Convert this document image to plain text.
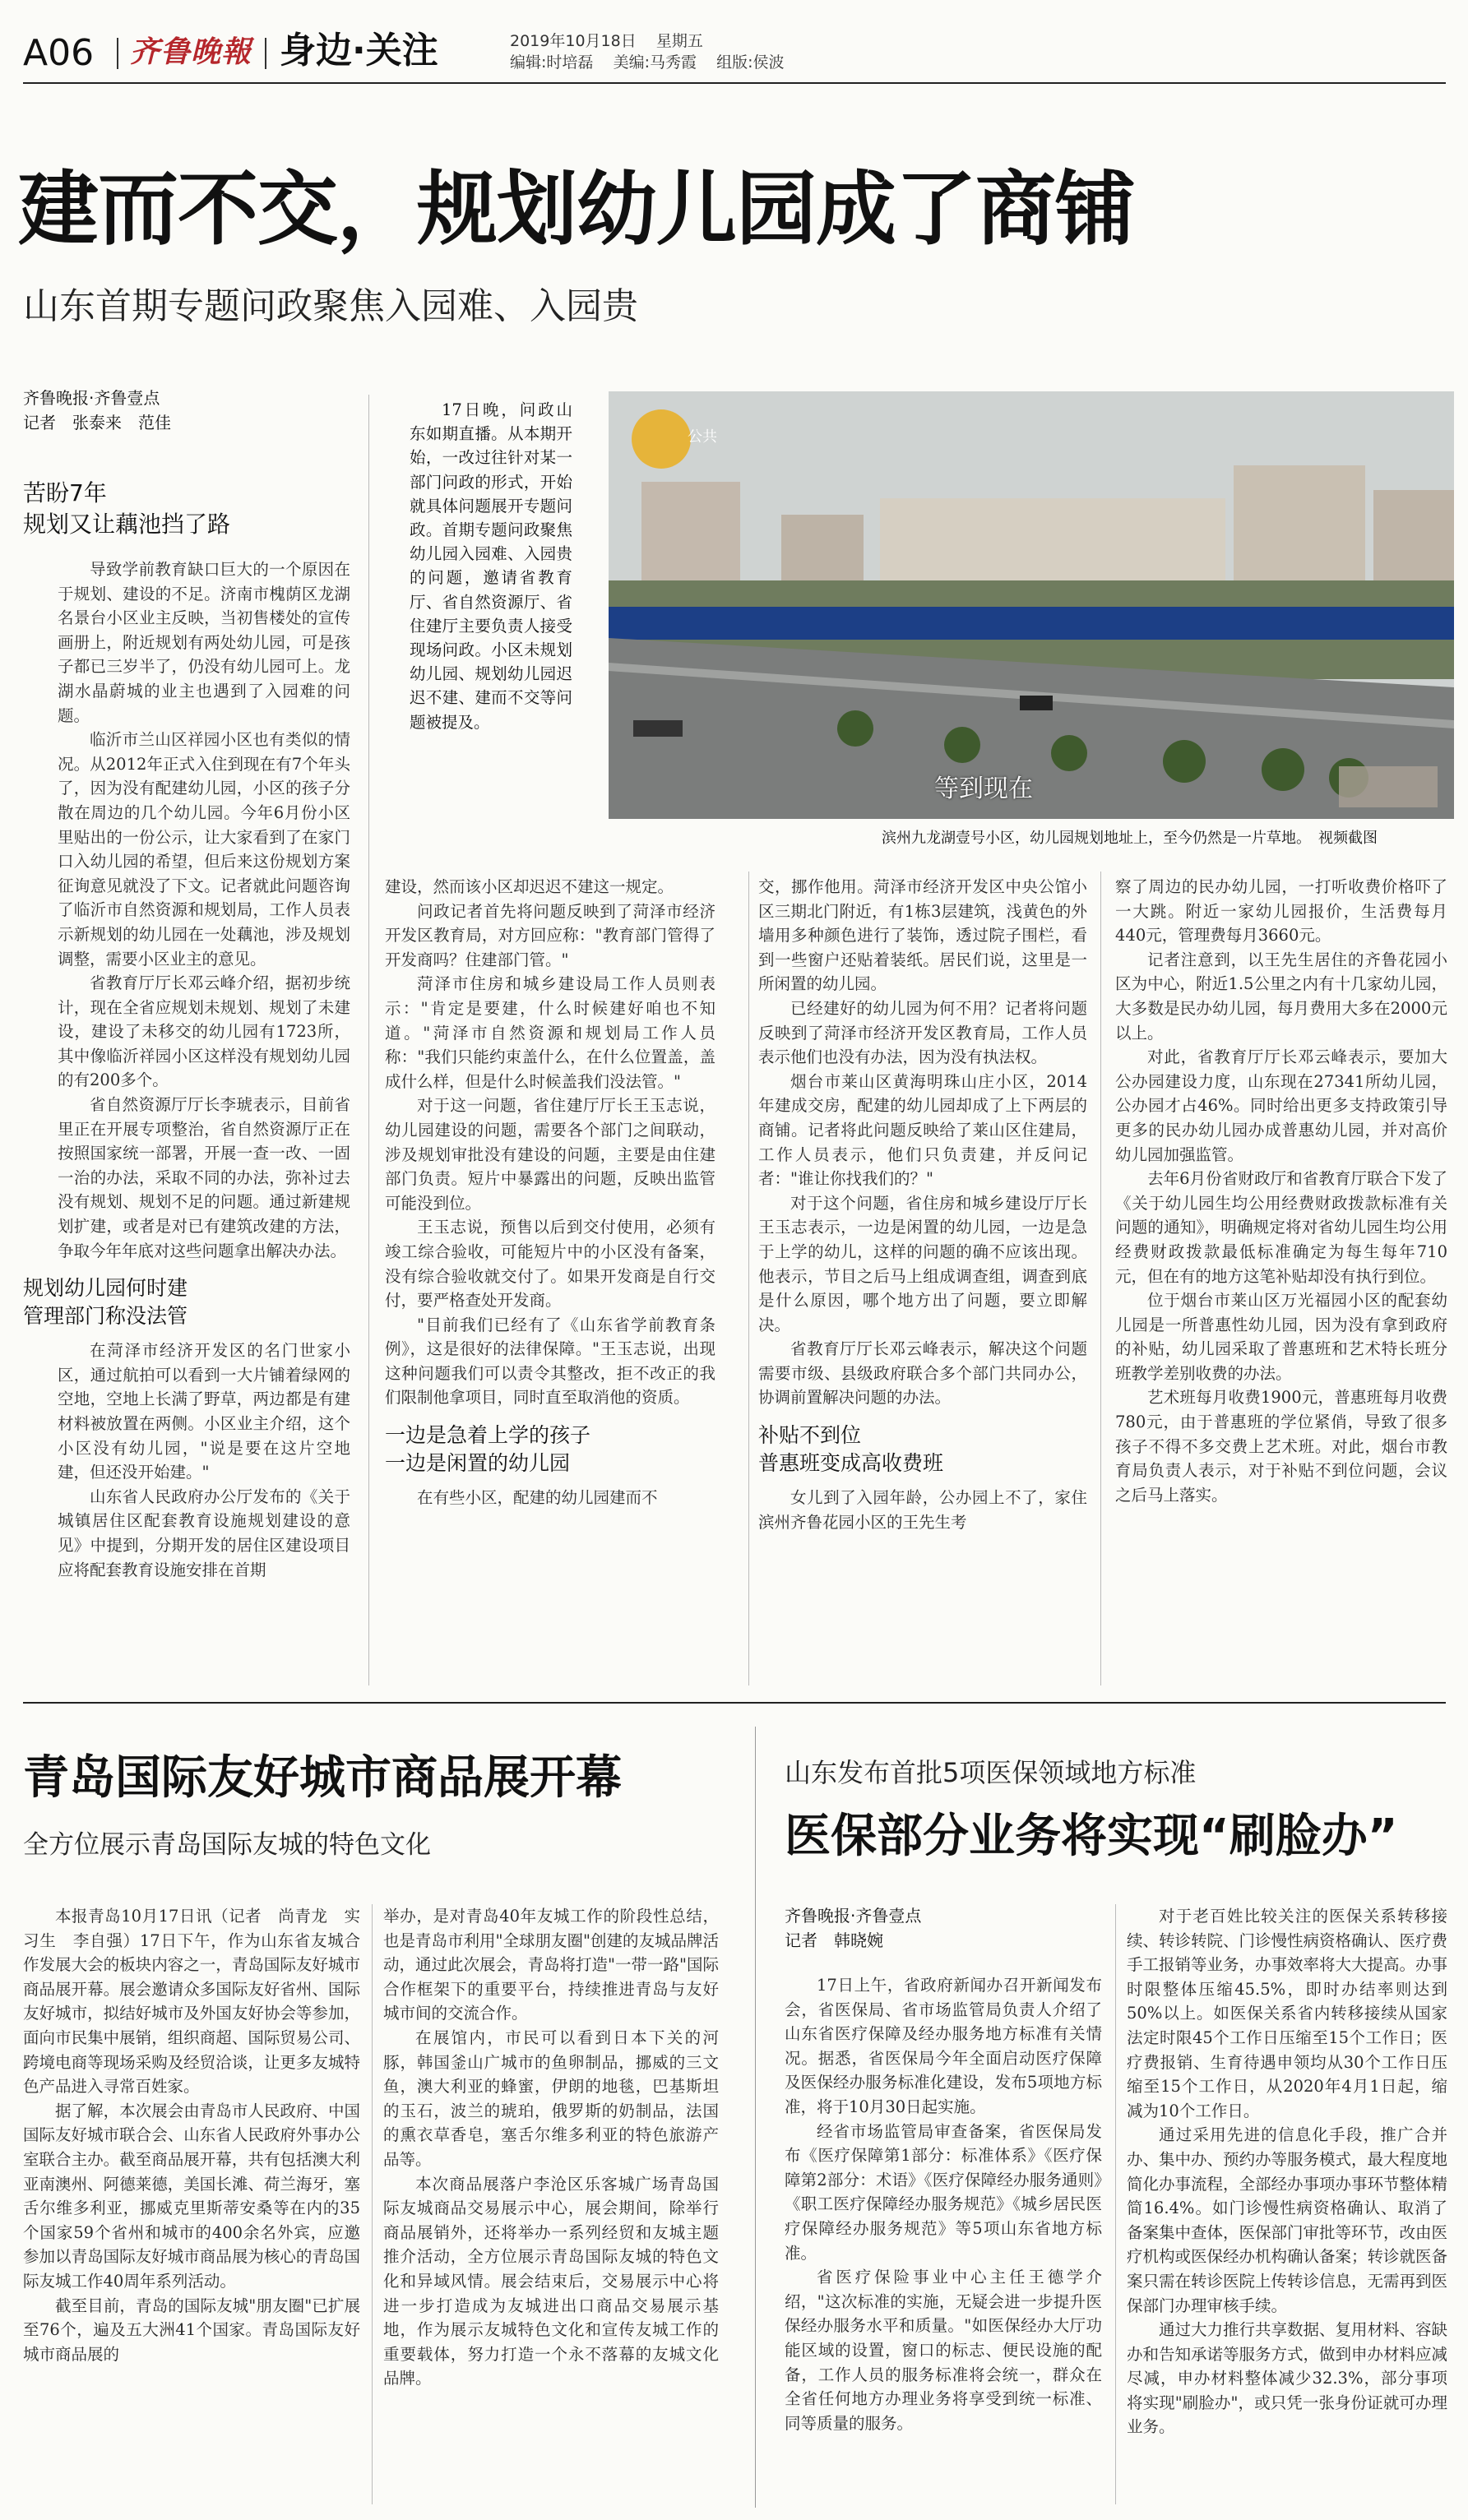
A06 齐鲁晚報 身边·关注	2019年10月18日 星期五
编辑:时培磊 美编:马秀霞 组版:侯波
建而不交，规划幼儿园成了商铺
山东首期专题问政聚焦入园难、入园贵
齐鲁晚报·齐鲁壹点
记者　张泰来　范佳
苦盼7年
规划又让藕池挡了路

导致学前教育缺口巨大的一个原因在于规划、建设的不足。济南市槐荫区龙湖名景台小区业主反映，当初售楼处的宣传画册上，附近规划有两处幼儿园，可是孩子都已三岁半了，仍没有幼儿园可上。龙湖水晶蔚城的业主也遇到了入园难的问题。

临沂市兰山区祥园小区也有类似的情况。从2012年正式入住到现在有7个年头了，因为没有配建幼儿园，小区的孩子分散在周边的几个幼儿园。今年6月份小区里贴出的一份公示，让大家看到了在家门口入幼儿园的希望，但后来这份规划方案征询意见就没了下文。记者就此问题咨询了临沂市自然资源和规划局，工作人员表示新规划的幼儿园在一处藕池，涉及规划调整，需要小区业主的意见。

省教育厅厅长邓云峰介绍，据初步统计，现在全省应规划未规划、规划了未建设，建设了未移交的幼儿园有1723所，其中像临沂祥园小区这样没有规划幼儿园的有200多个。

省自然资源厅厅长李琥表示，目前省里正在开展专项整治，省自然资源厅正在按照国家统一部署，开展一查一改、一固一治的办法，采取不同的办法，弥补过去没有规划、规划不足的问题。通过新建规划扩建，或者是对已有建筑改建的方法，争取今年年底对这些问题拿出解决办法。

规划幼儿园何时建
管理部门称没法管

在菏泽市经济开发区的名门世家小区，通过航拍可以看到一大片铺着绿网的空地，空地上长满了野草，两边都是有建材料被放置在两侧。小区业主介绍，这个小区没有幼儿园，"说是要在这片空地建，但还没开始建。"

山东省人民政府办公厅发布的《关于城镇居住区配套教育设施规划建设的意见》中提到，分期开发的居住区建设项目应将配套教育设施安排在首期

17日晚，问政山东如期直播。从本期开始，一改过往针对某一部门问政的形式，开始就具体问题展开专题问政。首期专题问政聚焦幼儿园入园难、入园贵的问题，邀请省教育厅、省自然资源厅、省住建厅主要负责人接受现场问政。小区未规划幼儿园、规划幼儿园迟迟不建、建而不交等问题被提及。
公共
等到现在
滨州九龙湖壹号小区，幼儿园规划地址上，至今仍然是一片草地。　视频截图

建设，然而该小区却迟迟不建这一规定。

问政记者首先将问题反映到了菏泽市经济开发区教育局，对方回应称："教育部门管得了开发商吗？住建部门管。"

菏泽市住房和城乡建设局工作人员则表示："肯定是要建，什么时候建好咱也不知道。"菏泽市自然资源和规划局工作人员称："我们只能约束盖什么，在什么位置盖，盖成什么样，但是什么时候盖我们没法管。"

对于这一问题，省住建厅厅长王玉志说，幼儿园建设的问题，需要各个部门之间联动，涉及规划审批没有建设的问题，主要是由住建部门负责。短片中暴露出的问题，反映出监管可能没到位。

王玉志说，预售以后到交付使用，必须有竣工综合验收，可能短片中的小区没有备案，没有综合验收就交付了。如果开发商是自行交付，要严格查处开发商。

"目前我们已经有了《山东省学前教育条例》，这是很好的法律保障。"王玉志说，出现这种问题我们可以责令其整改，拒不改正的我们限制他拿项目，同时直至取消他的资质。

一边是急着上学的孩子
一边是闲置的幼儿园

在有些小区，配建的幼儿园建而不

交，挪作他用。菏泽市经济开发区中央公馆小区三期北门附近，有1栋3层建筑，浅黄色的外墙用多种颜色进行了装饰，透过院子围栏，看到一些窗户还贴着装纸。居民们说，这里是一所闲置的幼儿园。

已经建好的幼儿园为何不用？记者将问题反映到了菏泽市经济开发区教育局，工作人员表示他们也没有办法，因为没有执法权。

烟台市莱山区黄海明珠山庄小区，2014年建成交房，配建的幼儿园却成了上下两层的商铺。记者将此问题反映给了莱山区住建局，工作人员表示，他们只负责建，并反问记者："谁让你找我们的？"

对于这个问题，省住房和城乡建设厅厅长王玉志表示，一边是闲置的幼儿园，一边是急于上学的幼儿，这样的问题的确不应该出现。他表示，节目之后马上组成调查组，调查到底是什么原因，哪个地方出了问题，要立即解决。

省教育厅厅长邓云峰表示，解决这个问题需要市级、县级政府联合多个部门共同办公，协调前置解决问题的办法。

补贴不到位
普惠班变成高收费班

女儿到了入园年龄，公办园上不了，家住滨州齐鲁花园小区的王先生考

察了周边的民办幼儿园，一打听收费价格吓了一大跳。附近一家幼儿园报价，生活费每月440元，管理费每月3660元。

记者注意到，以王先生居住的齐鲁花园小区为中心，附近1.5公里之内有十几家幼儿园，大多数是民办幼儿园，每月费用大多在2000元以上。

对此，省教育厅厅长邓云峰表示，要加大公办园建设力度，山东现在27341所幼儿园，公办园才占46%。同时给出更多支持政策引导更多的民办幼儿园办成普惠幼儿园，并对高价幼儿园加强监管。

去年6月份省财政厅和省教育厅联合下发了《关于幼儿园生均公用经费财政拨款标准有关问题的通知》，明确规定将对省幼儿园生均公用经费财政拨款最低标准确定为每生每年710元，但在有的地方这笔补贴却没有执行到位。

位于烟台市莱山区万光福园小区的配套幼儿园是一所普惠性幼儿园，因为没有拿到政府的补贴，幼儿园采取了普惠班和艺术特长班分班教学差别收费的办法。

艺术班每月收费1900元，普惠班每月收费780元，由于普惠班的学位紧俏，导致了很多孩子不得不多交费上艺术班。对此，烟台市教育局负责人表示，对于补贴不到位问题，会议之后马上落实。

青岛国际友好城市商品展开幕
全方位展示青岛国际友城的特色文化

本报青岛10月17日讯（记者　尚青龙　实习生　李自强）17日下午，作为山东省友城合作发展大会的板块内容之一，青岛国际友好城市商品展开幕。展会邀请众多国际友好省州、国际友好城市，拟结好城市及外国友好协会等参加，面向市民集中展销，组织商超、国际贸易公司、跨境电商等现场采购及经贸洽谈，让更多友城特色产品进入寻常百姓家。

据了解，本次展会由青岛市人民政府、中国国际友好城市联合会、山东省人民政府外事办公室联合主办。截至商品展开幕，共有包括澳大利亚南澳州、阿德莱德，美国长滩、荷兰海牙，塞舌尔维多利亚，挪威克里斯蒂安桑等在内的35个国家59个省州和城市的400余名外宾，应邀参加以青岛国际友好城市商品展为核心的青岛国际友城工作40周年系列活动。

截至目前，青岛的国际友城"朋友圈"已扩展至76个，遍及五大洲41个国家。青岛国际友好城市商品展的

举办，是对青岛40年友城工作的阶段性总结，也是青岛市利用"全球朋友圈"创建的友城品牌活动，通过此次展会，青岛将打造"一带一路"国际合作框架下的重要平台，持续推进青岛与友好城市间的交流合作。

在展馆内，市民可以看到日本下关的河豚，韩国釜山广城市的鱼卵制品，挪威的三文鱼，澳大利亚的蜂蜜，伊朗的地毯，巴基斯坦的玉石，波兰的琥珀，俄罗斯的奶制品，法国的熏衣草香皂，塞舌尔维多利亚的特色旅游产品等。

本次商品展落户李沧区乐客城广场青岛国际友城商品交易展示中心，展会期间，除举行商品展销外，还将举办一系列经贸和友城主题推介活动，全方位展示青岛国际友城的特色文化和异域风情。展会结束后，交易展示中心将进一步打造成为友城进出口商品交易展示基地，作为展示友城特色文化和宣传友城工作的重要载体，努力打造一个永不落幕的友城文化品牌。

山东发布首批5项医保领域地方标准
医保部分业务将实现“刷脸办”
齐鲁晚报·齐鲁壹点
记者　韩晓婉

17日上午，省政府新闻办召开新闻发布会，省医保局、省市场监管局负责人介绍了山东省医疗保障及经办服务地方标准有关情况。据悉，省医保局今年全面启动医疗保障及医保经办服务标准化建设，发布5项地方标准，将于10月30日起实施。

经省市场监管局审查备案，省医保局发布《医疗保障第1部分：标准体系》《医疗保障第2部分：术语》《医疗保障经办服务通则》《职工医疗保障经办服务规范》《城乡居民医疗保障经办服务规范》等5项山东省地方标准。

省医疗保险事业中心主任王德学介绍，"这次标准的实施，无疑会进一步提升医保经办服务水平和质量。"如医保经办大厅功能区域的设置，窗口的标志、便民设施的配备，工作人员的服务标准将会统一，群众在全省任何地方办理业务将享受到统一标准、同等质量的服务。

对于老百姓比较关注的医保关系转移接续、转诊转院、门诊慢性病资格确认、医疗费手工报销等业务，办事效率将大大提高。办事时限整体压缩45.5%，即时办结率则达到50%以上。如医保关系省内转移接续从国家法定时限45个工作日压缩至15个工作日；医疗费报销、生育待遇申领均从30个工作日压缩至15个工作日，从2020年4月1日起，缩减为10个工作日。

通过采用先进的信息化手段，推广合并办、集中办、预约办等服务模式，最大程度地简化办事流程，全部经办事项办事环节整体精简16.4%。如门诊慢性病资格确认、取消了备案集中查体，医保部门审批等环节，改由医疗机构或医保经办机构确认备案；转诊就医备案只需在转诊医院上传转诊信息，无需再到医保部门办理审核手续。

通过大力推行共享数据、复用材料、容缺办和告知承诺等服务方式，做到申办材料应减尽减，申办材料整体减少32.3%，部分事项将实现"刷脸办"，或只凭一张身份证就可办理业务。
